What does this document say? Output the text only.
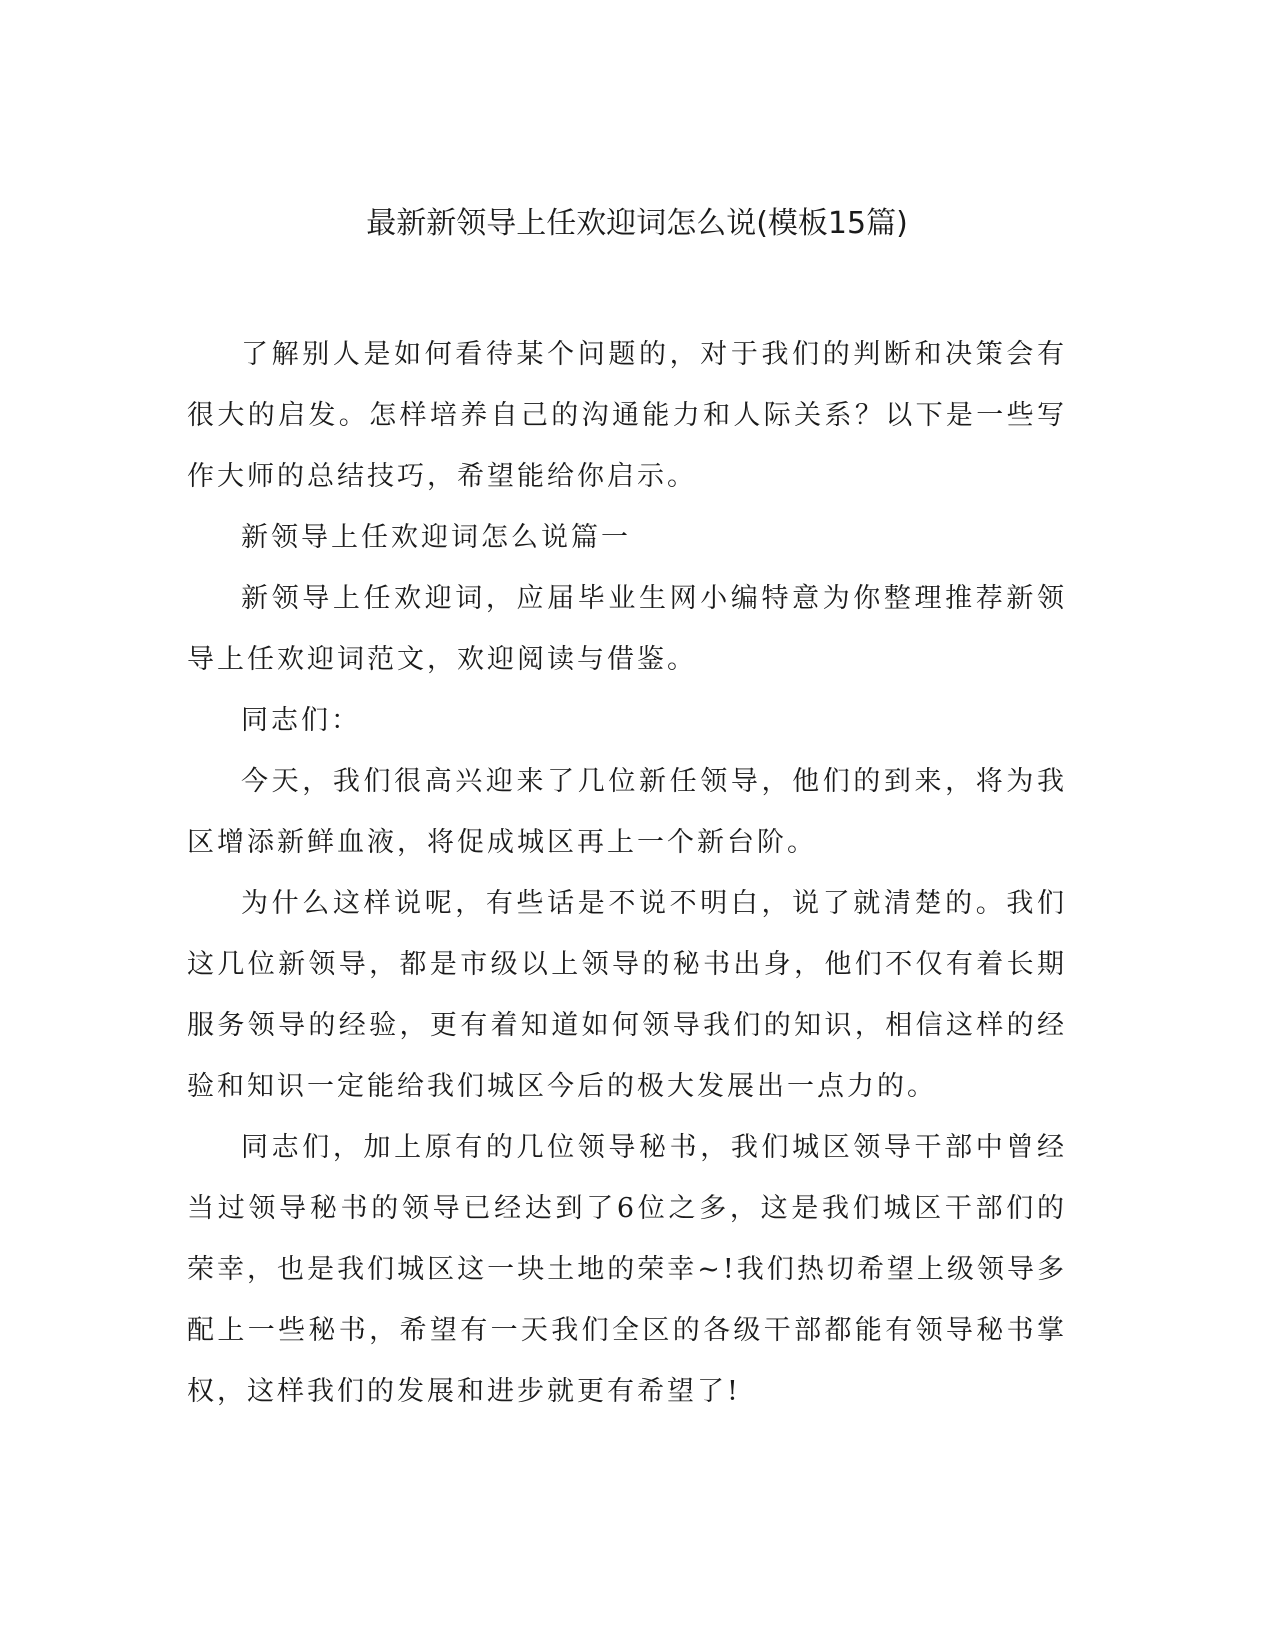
最新新领导上任欢迎词怎么说(模板15篇)

了解别人是如何看待某个问题的，对于我们的判断和决策会有很大的启发。怎样培养自己的沟通能力和人际关系？以下是一些写作大师的总结技巧，希望能给你启示。

新领导上任欢迎词怎么说篇一

新领导上任欢迎词，应届毕业生网小编特意为你整理推荐新领导上任欢迎词范文，欢迎阅读与借鉴。

同志们：

今天，我们很高兴迎来了几位新任领导，他们的到来，将为我区增添新鲜血液，将促成城区再上一个新台阶。

为什么这样说呢，有些话是不说不明白，说了就清楚的。我们这几位新领导，都是市级以上领导的秘书出身，他们不仅有着长期服务领导的经验，更有着知道如何领导我们的知识，相信这样的经验和知识一定能给我们城区今后的极大发展出一点力的。

同志们，加上原有的几位领导秘书，我们城区领导干部中曾经当过领导秘书的领导已经达到了6位之多，这是我们城区干部们的荣幸，也是我们城区这一块土地的荣幸~!我们热切希望上级领导多配上一些秘书，希望有一天我们全区的各级干部都能有领导秘书掌权，这样我们的发展和进步就更有希望了!
